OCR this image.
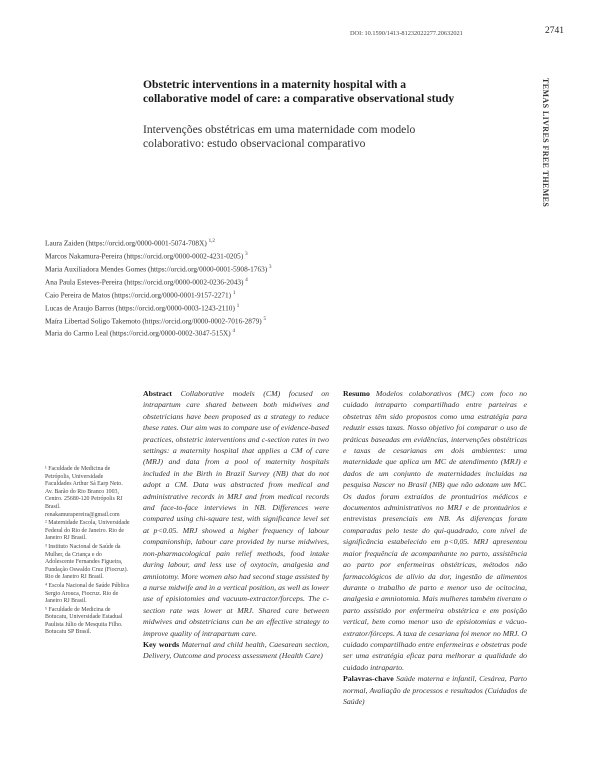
DOI: 10.1590/1413-81232022277.20632021	2741
TEMAS LIVRES FREE THEMES
Obstetric interventions in a maternity hospital with a collaborative model of care: a comparative observational study
Intervenções obstétricas em uma maternidade com modelo colaborativo: estudo observacional comparativo
Laura Zaiden (https://orcid.org/0000-0001-5074-708X) $^{1,2}$
Marcos Nakamura-Pereira (https://orcid.org/0000-0002-4231-0205) $^3$
Maria Auxiliadora Mendes Gomes (https://orcid.org/0000-0001-5908-1763) $^3$
Ana Paula Esteves-Pereira (https://orcid.org/0000-0002-0236-2043) $^4$
Caio Pereira de Matos (https://orcid.org/0000-0001-9157-2271) $^1$
Lucas de Araujo Barros (https://orcid.org/0000-0003-1243-2110) $^1$
Maíra Libertad Soligo Takemoto (https://orcid.org/0000-0002-7016-2879) $^5$
Maria do Carmo Leal (https://orcid.org/0000-0002-3047-515X) $^4$
¹ Faculdade de Medicina de Petrópolis, Universidade Faculdades Arthur Sá Earp Neto. Av. Barão do Rio Branco 1003, Centro. 25680-120 Petrópolis RJ Brasil. renakamurapereira@gmail.com
² Maternidade Escola, Universidade Federal do Rio de Janeiro. Rio de Janeiro RJ Brasil.
³ Instituto Nacional de Saúde da Mulher, da Criança e do Adolescente Fernandes Figueira, Fundação Oswaldo Cruz (Fiocruz). Rio de Janeiro RJ Brasil.
⁴ Escola Nacional de Saúde Pública Sergio Arouca, Fiocruz. Rio de Janeiro RJ Brasil.
⁵ Faculdade de Medicina de Botucatu, Universidade Estadual Paulista Júlio de Mesquita Filho. Botucatu SP Brasil.
Abstract Collaborative models (CM) focused on intrapartum care shared between both midwives and obstetricians have been proposed as a strategy to reduce these rates. Our aim was to compare use of evidence-based practices, obstetric interventions and c-section rates in two settings: a maternity hospital that applies a CM of care (MRJ) and data from a pool of maternity hospitals included in the Birth in Brazil Survey (NB) that do not adopt a CM. Data was abstracted from medical and administrative records in MRJ and from medical records and face-to-face interviews in NB. Differences were compared using chi-square test, with significance level set at p<0.05. MRJ showed a higher frequency of labour companionship, labour care provided by nurse midwives, non-pharmacological pain relief methods, food intake during labour, and less use of oxytocin, analgesia and amniotomy. More women also had second stage assisted by a nurse midwife and in a vertical position, as well as lower use of episiotomies and vacuum-extractor/forceps. The c-section rate was lower at MRJ. Shared care between midwives and obstetricians can be an effective strategy to improve quality of intrapartum care.
Key words Maternal and child health, Caesarean section, Delivery, Outcome and process assessment (Health Care)
Resumo Modelos colaborativos (MC) com foco no cuidado intraparto compartilhado entre parteiras e obstetras têm sido propostos como uma estratégia para reduzir essas taxas. Nosso objetivo foi comparar o uso de práticas baseadas em evidências, intervenções obstétricas e taxas de cesarianas em dois ambientes: uma maternidade que aplica um MC de atendimento (MRJ) e dados de um conjunto de maternidades incluídas na pesquisa Nascer no Brasil (NB) que não adotam um MC. Os dados foram extraídos de prontuários médicos e documentos administrativos no MRJ e de prontuários e entrevistas presenciais em NB. As diferenças foram comparadas pelo teste do qui-quadrado, com nível de significância estabelecido em p<0,05. MRJ apresentou maior frequência de acompanhante no parto, assistência ao parto por enfermeiras obstétricas, métodos não farmacológicos de alívio da dor, ingestão de alimentos durante o trabalho de parto e menor uso de ocitocina, analgesia e amniotomia. Mais mulheres também tiveram o parto assistido por enfermeira obstétrica e em posição vertical, bem como menor uso de episiotomias e vácuo-extrator/fórceps. A taxa de cesariana foi menor no MRJ. O cuidado compartilhado entre enfermeiras e obstetras pode ser uma estratégia eficaz para melhorar a qualidade do cuidado intraparto.
Palavras-chave Saúde materna e infantil, Cesárea, Parto normal, Avaliação de processos e resultados (Cuidados de Saúde)
